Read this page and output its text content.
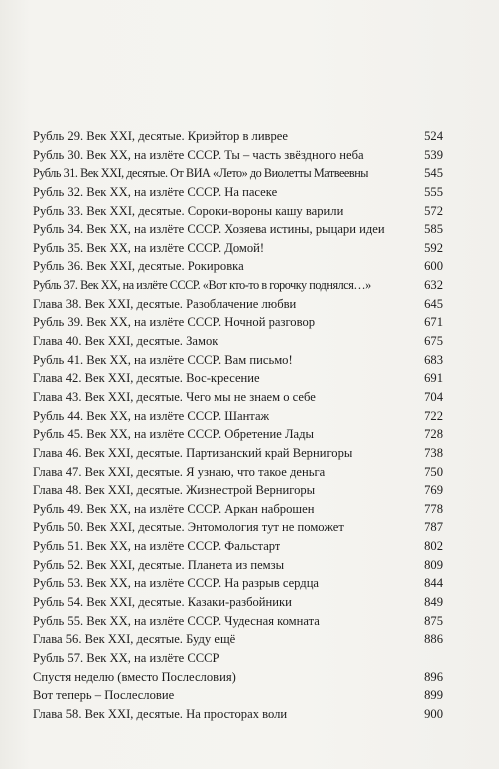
Рубль 29. Век XXI, десятые. Криэйтор в ливрее	524
Рубль 30. Век XX, на излёте СССР. Ты – часть звёздного неба	539
Рубль 31. Век XXI, десятые. От ВИА «Лето» до Виолетты Матвеевны	545
Рубль 32. Век XX, на излёте СССР. На пасеке	555
Рубль 33. Век XXI, десятые. Сороки-вороны кашу варили	572
Рубль 34. Век XX, на излёте СССР. Хозяева истины, рыцари идеи	585
Рубль 35. Век XX, на излёте СССР. Домой!	592
Рубль 36. Век XXI, десятые. Рокировка	600
Рубль 37. Век XX, на излёте СССР. «Вот кто-то в горочку поднялся…»	632
Глава 38. Век XXI, десятые. Разоблачение любви	645
Рубль 39. Век XX, на излёте СССР. Ночной разговор	671
Глава 40. Век XXI, десятые. Замок	675
Рубль 41. Век XX, на излёте СССР. Вам письмо!	683
Глава 42. Век XXI, десятые. Вос-кресение	691
Глава 43. Век XXI, десятые. Чего мы не знаем о себе	704
Рубль 44. Век XX, на излёте СССР. Шантаж	722
Рубль 45. Век XX, на излёте СССР. Обретение Лады	728
Глава 46. Век XXI, десятые. Партизанский край Вернигоры	738
Глава 47. Век XXI, десятые. Я узнаю, что такое деньга	750
Глава 48. Век XXI, десятые. Жизнестрой Вернигоры	769
Рубль 49. Век XX, на излёте СССР. Аркан наброшен	778
Рубль 50. Век XXI, десятые. Энтомология тут не поможет	787
Рубль 51. Век XX, на излёте СССР. Фальстарт	802
Рубль 52. Век XXI, десятые. Планета из пемзы	809
Рубль 53. Век XX, на излёте СССР. На разрыв сердца	844
Рубль 54. Век XXI, десятые. Казаки-разбойники	849
Рубль 55. Век XX, на излёте СССР. Чудесная комната	875
Глава 56. Век XXI, десятые. Буду ещё	886
Рубль 57. Век XX, на излёте СССР
Спустя неделю (вместо Послесловия)	896
Вот теперь – Послесловие	899
Глава 58. Век XXI, десятые. На просторах воли	900
